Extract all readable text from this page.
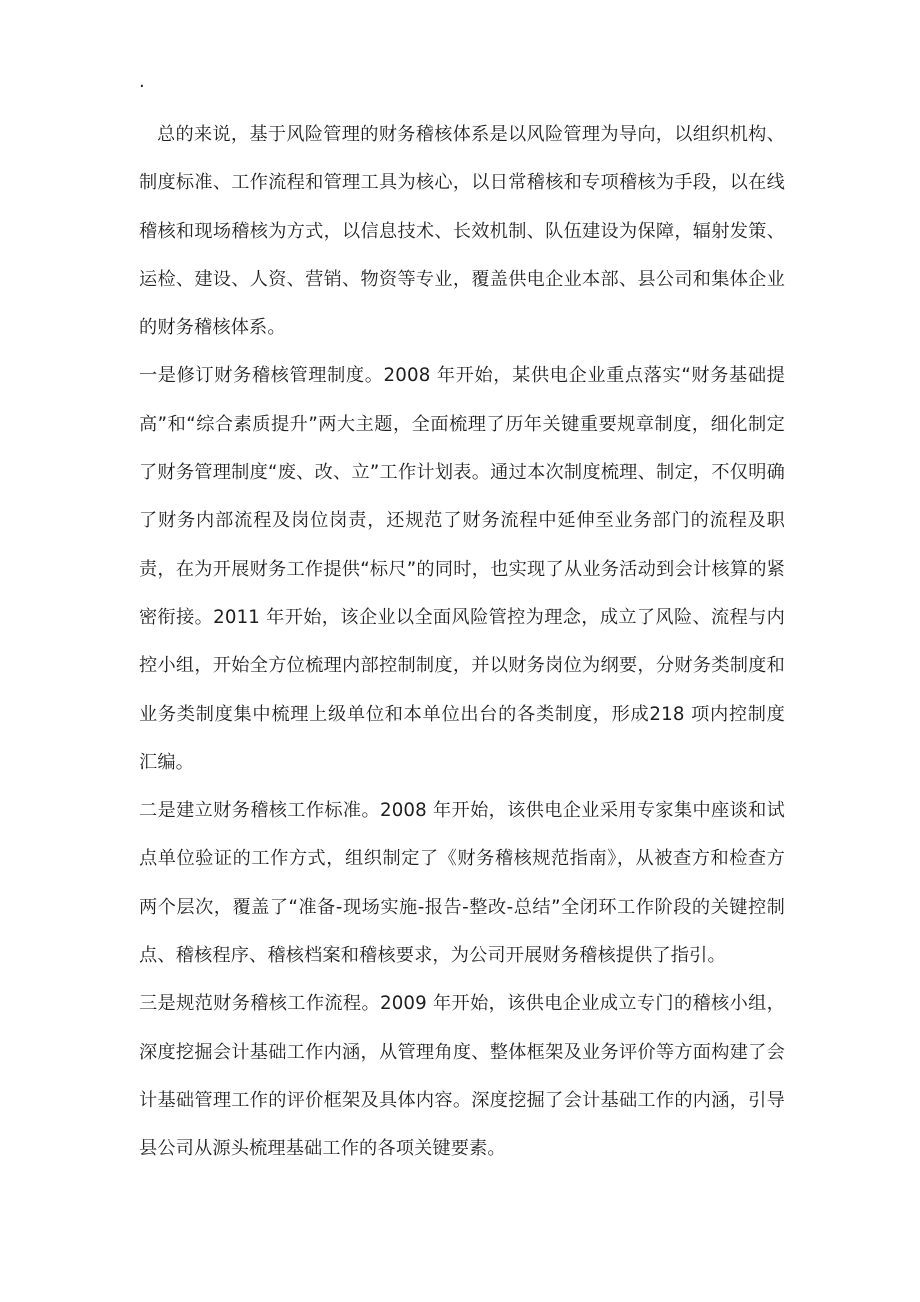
.

总的来说，基于风险管理的财务稽核体系是以风险管理为导向，以组织机构、制度标准、工作流程和管理工具为核心，以日常稽核和专项稽核为手段，以在线稽核和现场稽核为方式，以信息技术、长效机制、队伍建设为保障，辐射发策、运检、建设、人资、营销、物资等专业，覆盖供电企业本部、县公司和集体企业的财务稽核体系。

一是修订财务稽核管理制度。2008 年开始，某供电企业重点落实“财务基础提高”和“综合素质提升”两大主题，全面梳理了历年关键重要规章制度，细化制定了财务管理制度“废、改、立”工作计划表。通过本次制度梳理、制定，不仅明确了财务内部流程及岗位岗责，还规范了财务流程中延伸至业务部门的流程及职责，在为开展财务工作提供“标尺”的同时，也实现了从业务活动到会计核算的紧密衔接。2011 年开始，该企业以全面风险管控为理念，成立了风险、流程与内控小组，开始全方位梳理内部控制制度，并以财务岗位为纲要，分财务类制度和业务类制度集中梳理上级单位和本单位出台的各类制度，形成218 项内控制度汇编。

二是建立财务稽核工作标准。2008 年开始，该供电企业采用专家集中座谈和试点单位验证的工作方式，组织制定了《财务稽核规范指南》，从被查方和检查方两个层次，覆盖了“准备-现场实施-报告-整改-总结”全闭环工作阶段的关键控制点、稽核程序、稽核档案和稽核要求，为公司开展财务稽核提供了指引。

三是规范财务稽核工作流程。2009 年开始，该供电企业成立专门的稽核小组，深度挖掘会计基础工作内涵，从管理角度、整体框架及业务评价等方面构建了会计基础管理工作的评价框架及具体内容。深度挖掘了会计基础工作的内涵，引导县公司从源头梳理基础工作的各项关键要素。
